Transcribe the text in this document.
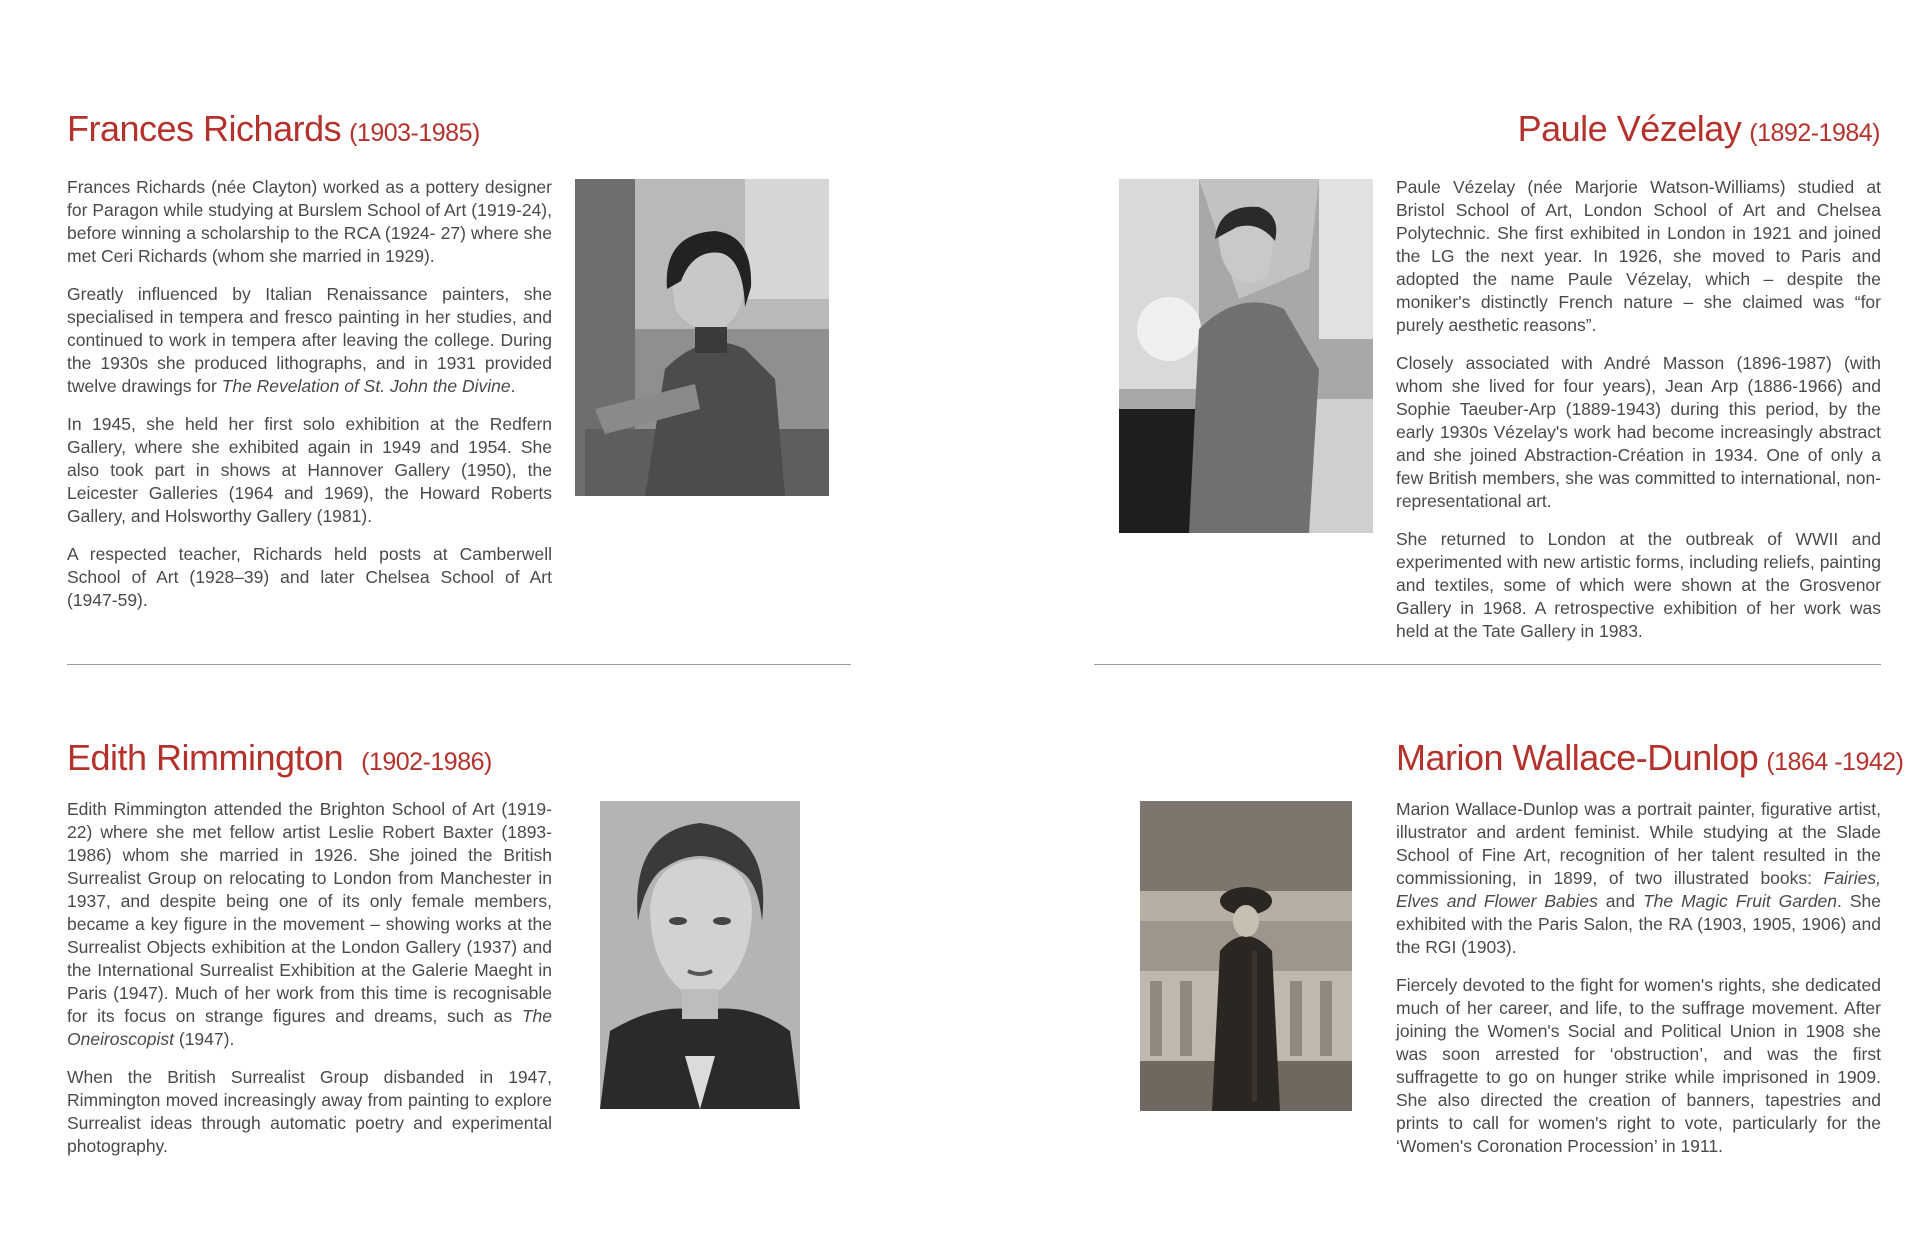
Frances Richards (1903-1985)

Frances Richards (née Clayton) worked as a pottery designer for Paragon while studying at Burslem School of Art (1919-24), before winning a scholarship to the RCA (1924- 27) where she met Ceri Richards (whom she married in 1929).

Greatly influenced by Italian Renaissance painters, she specialised in tempera and fresco painting in her studies, and continued to work in tempera after leaving the college. During the 1930s she produced lithographs, and in 1931 provided twelve drawings for The Revelation of St. John the Divine.

In 1945, she held her first solo exhibition at the Redfern Gallery, where she exhibited again in 1949 and 1954. She also took part in shows at Hannover Gallery (1950), the Leicester Galleries (1964 and 1969), the Howard Roberts Gallery, and Holsworthy Gallery (1981).

A respected teacher, Richards held posts at Camberwell School of Art (1928–39) and later Chelsea School of Art (1947-59).

Paule Vézelay (1892-1984)

Paule Vézelay (née Marjorie Watson-Williams) studied at Bristol School of Art, London School of Art and Chelsea Polytechnic. She first exhibited in London in 1921 and joined the LG the next year. In 1926, she moved to Paris and adopted the name Paule Vézelay, which – despite the moniker's distinctly French nature – she claimed was “for purely aesthetic reasons”.

Closely associated with André Masson (1896-1987) (with whom she lived for four years), Jean Arp (1886-1966) and Sophie Taeuber-Arp (1889-1943) during this period, by the early 1930s Vézelay's work had become increasingly abstract and she joined Abstraction-Création in 1934. One of only a few British members, she was committed to international, non- representational art.

She returned to London at the outbreak of WWII and experimented with new artistic forms, including reliefs, painting and textiles, some of which were shown at the Grosvenor Gallery in 1968. A retrospective exhibition of her work was held at the Tate Gallery in 1983.

Edith Rimmington (1902-1986)

Edith Rimmington attended the Brighton School of Art (1919-22) where she met fellow artist Leslie Robert Baxter (1893-1986) whom she married in 1926. She joined the British Surrealist Group on relocating to London from Manchester in 1937, and despite being one of its only female members, became a key figure in the movement – showing works at the Surrealist Objects exhibition at the London Gallery (1937) and the International Surrealist Exhibition at the Galerie Maeght in Paris (1947). Much of her work from this time is recognisable for its focus on strange figures and dreams, such as The Oneiroscopist (1947).

When the British Surrealist Group disbanded in 1947, Rimmington moved increasingly away from painting to explore Surrealist ideas through automatic poetry and experimental photography.

Marion Wallace-Dunlop (1864 -1942)

Marion Wallace-Dunlop was a portrait painter, figurative artist, illustrator and ardent feminist. While studying at the Slade School of Fine Art, recognition of her talent resulted in the commissioning, in 1899, of two illustrated books: Fairies, Elves and Flower Babies and The Magic Fruit Garden. She exhibited with the Paris Salon, the RA (1903, 1905, 1906) and the RGI (1903).

Fiercely devoted to the fight for women's rights, she dedicated much of her career, and life, to the suffrage movement. After joining the Women's Social and Political Union in 1908 she was soon arrested for ‘obstruction’, and was the first suffragette to go on hunger strike while imprisoned in 1909. She also directed the creation of banners, tapestries and prints to call for women's right to vote, particularly for the ‘Women's Coronation Procession’ in 1911.
